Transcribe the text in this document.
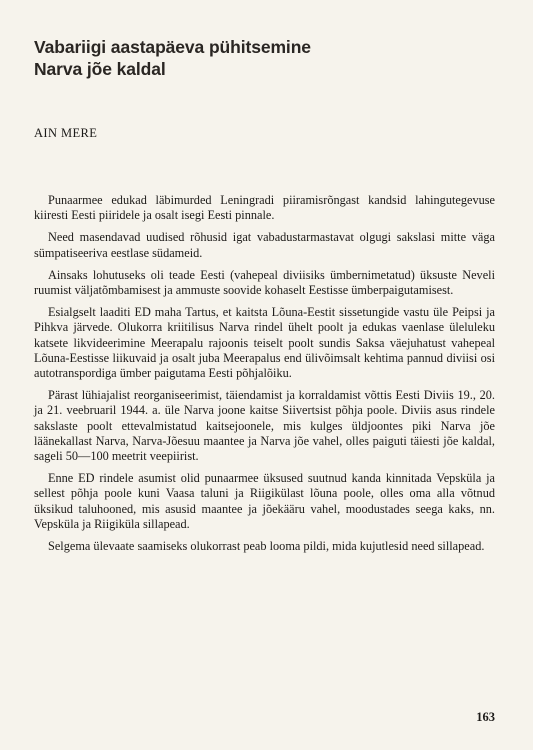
Vabariigi aastapäeva pühitsemine
Narva jõe kaldal
AIN MERE

Punaarmee edukad läbimurded Leningradi piiramisrõngast kandsid lahingutegevuse kiiresti Eesti piiridele ja osalt isegi Eesti pinnale.

Need masendavad uudised rõhusid igat vabadustarmastavat olgugi sakslasi mitte väga sümpatiseeriva eestlase südameid.

Ainsaks lohutuseks oli teade Eesti (vahepeal diviisiks ümbernimetatud) üksuste Neveli ruumist väljatõmbamisest ja ammuste soovide kohaselt Eestisse ümberpaigutamisest.

Esialgselt laaditi ED maha Tartus, et kaitsta Lõuna-Eestit sissetungide vastu üle Peipsi ja Pihkva järvede. Olukorra kriitilisus Narva rindel ühelt poolt ja edukas vaenlase üleluleku katsete likvideerimine Meerapalu rajoonis teiselt poolt sundis Saksa väejuhatust vahepeal Lõuna-Eestisse liikuvaid ja osalt juba Meerapalus end ülivõimsalt kehtima pannud diviisi osi autotranspordiga ümber paigutama Eesti põhjalõiku.

Pärast lühiajalist reorganiseerimist, täiendamist ja korraldamist võttis Eesti Diviis 19., 20. ja 21. veebruaril 1944. a. üle Narva joone kaitse Siivertsist põhja poole. Diviis asus rindele sakslaste poolt ettevalmistatud kaitsejoonele, mis kulges üldjoontes piki Narva jõe läänekallast Narva, Narva-Jõesuu maantee ja Narva jõe vahel, olles paiguti täiesti jõe kaldal, sageli 50—100 meetrit veepiirist.

Enne ED rindele asumist olid punaarmee üksused suutnud kanda kinnitada Vepsküla ja sellest põhja poole kuni Vaasa taluni ja Riigikülast lõuna poole, olles oma alla võtnud üksikud taluhooned, mis asusid maantee ja jõekääru vahel, moodustades seega kaks, nn. Vepsküla ja Riigiküla sillapead.

Selgema ülevaate saamiseks olukorrast peab looma pildi, mida kujutlesid need sillapead.

163
